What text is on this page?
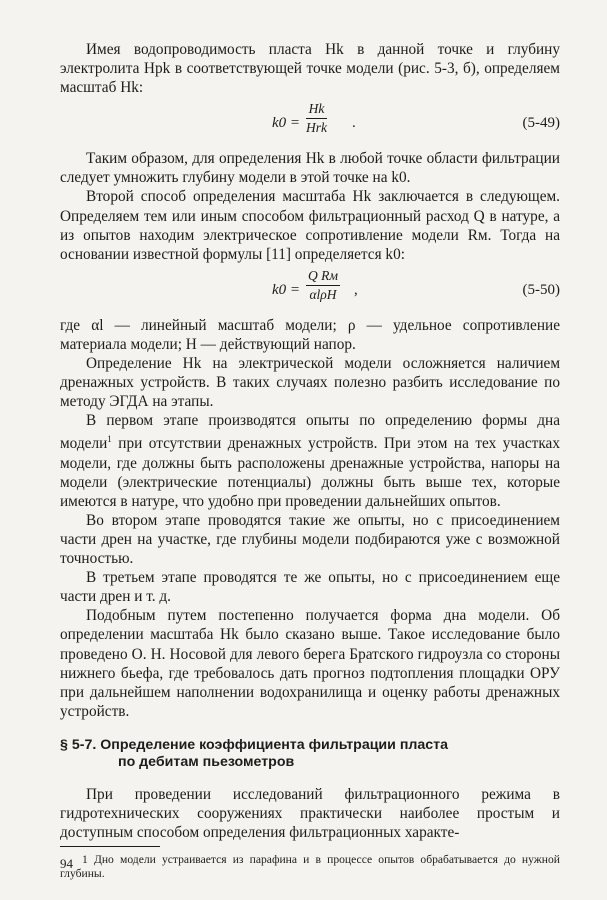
Имея водопроводимость пласта Hk в данной точке и глубину электролита Hрk в соответствующей точке модели (рис. 5-3, б), определяем масштаб Hk:

k0 =
Hk
Hrk .	(5-49)

Таким образом, для определения Hk в любой точке области фильтрации следует умножить глубину модели в этой точке на k0.

Второй способ определения масштаба Hk заключается в следующем. Определяем тем или иным способом фильтрационный расход Q в натуре, а из опытов находим электрическое сопротивление модели Rм. Тогда на основании известной формулы [11] определяется k0:

k0 =
Q Rм
αlρH ,	(5-50)

где αl — линейный масштаб модели; ρ — удельное сопротивление материала модели; H — действующий напор.

Определение Hk на электрической модели осложняется наличием дренажных устройств. В таких случаях полезно разбить исследование по методу ЭГДА на этапы.

В первом этапе производятся опыты по определению формы дна модели$^1$ при отсутствии дренажных устройств. При этом на тех участках модели, где должны быть расположены дренажные устройства, напоры на модели (электрические потенциалы) должны быть выше тех, которые имеются в натуре, что удобно при проведении дальнейших опытов.

Во втором этапе проводятся такие же опыты, но с присоединением части дрен на участке, где глубины модели подбираются уже с возможной точностью.

В третьем этапе проводятся те же опыты, но с присоединением еще части дрен и т. д.

Подобным путем постепенно получается форма дна модели. Об определении масштаба Hk было сказано выше. Такое исследование было проведено О. Н. Носовой для левого берега Братского гидроузла со стороны нижнего бьефа, где требовалось дать прогноз подтопления площадки ОРУ при дальнейшем наполнении водохранилища и оценку работы дренажных устройств.

§ 5-7. Определение коэффициента фильтрации пласта
по дебитам пьезометров

При проведении исследований фильтрационного режима в гидротехнических сооружениях практически наиболее простым и доступным способом определения фильтрационных характе-

1 Дно модели устраивается из парафина и в процессе опытов обрабатывается до нужной глубины.

94
